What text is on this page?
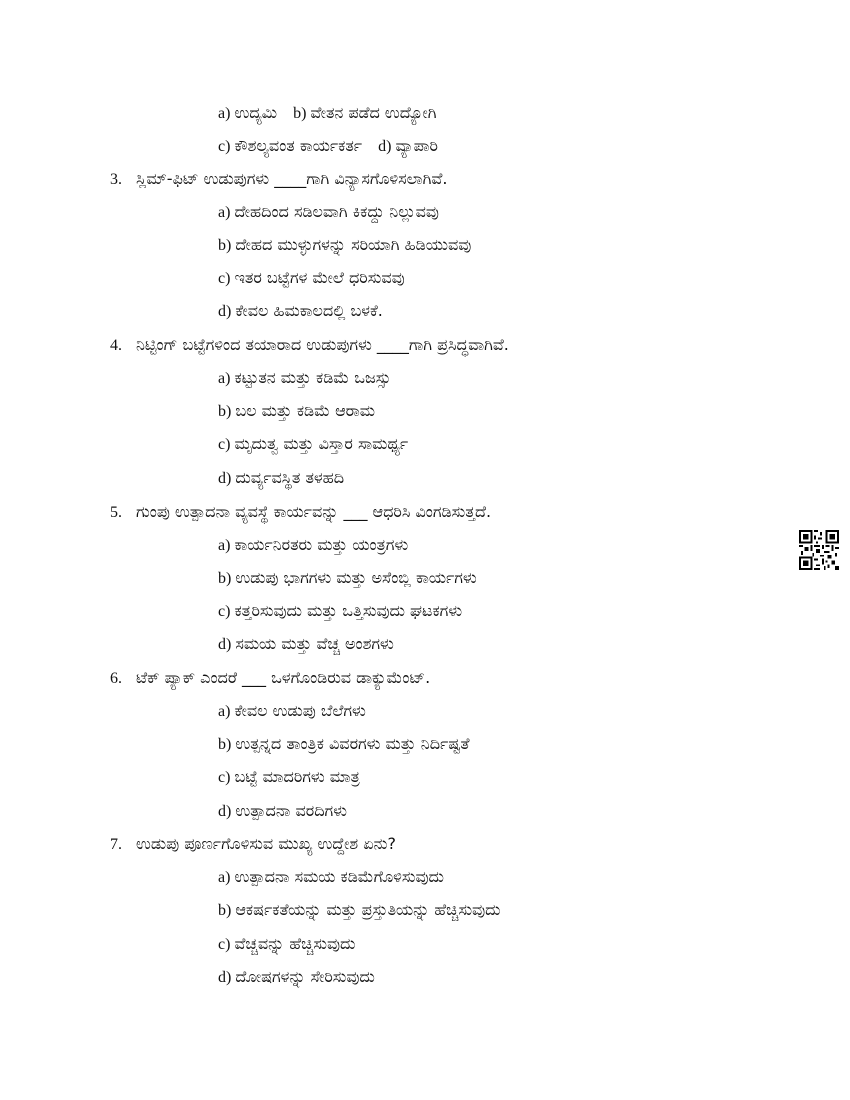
a) ಉದ್ಯಮಿ b) ವೇತನ ಪಡೆದ ಉದ್ಯೋಗಿ
c) ಕೌಶಲ್ಯವಂತ ಕಾರ್ಯಕರ್ತ d) ವ್ಯಾಪಾರಿ
3. ಸ್ಲಿಮ್-ಫಿಟ್ ಉಡುಪುಗಳು ____ಗಾಗಿ ವಿನ್ಯಾಸಗೊಳಿಸಲಾಗಿವೆ.
a) ದೇಹದಿಂದ ಸಡಿಲವಾಗಿ ಕಿಕದ್ದು ನಿಲ್ಲುವವು
b) ದೇಹದ ಮುಳ್ಳುಗಳನ್ನು ಸರಿಯಾಗಿ ಹಿಡಿಯುವವು
c) ಇತರ ಬಟ್ಟೆಗಳ ಮೇಲೆ ಧರಿಸುವವು
d) ಕೇವಲ ಹಿಮಕಾಲದಲ್ಲಿ ಬಳಕೆ.
4. ನಿಟ್ಟಿಂಗ್ ಬಟ್ಟೆಗಳಿಂದ ತಯಾರಾದ ಉಡುಪುಗಳು ____ಗಾಗಿ ಪ್ರಸಿದ್ಧವಾಗಿವೆ.
a) ಕಟ್ಟುತನ ಮತ್ತು ಕಡಿಮೆ ಒಜಸ್ಸು
b) ಬಲ ಮತ್ತು ಕಡಿಮೆ ಆರಾಮ
c) ಮೃದುತ್ವ ಮತ್ತು ವಿಸ್ತಾರ ಸಾಮರ್ಥ್ಯ
d) ದುರ್ವ್ಯವಸ್ಥಿತ ತಳಹದಿ
5. ಗುಂಪು ಉತ್ಪಾದನಾ ವ್ಯವಸ್ಥೆ ಕಾರ್ಯವನ್ನು ___ ಆಧರಿಸಿ ವಿಂಗಡಿಸುತ್ತದೆ.
a) ಕಾರ್ಯನಿರತರು ಮತ್ತು ಯಂತ್ರಗಳು
b) ಉಡುಪು ಭಾಗಗಳು ಮತ್ತು ಅಸೆಂಬ್ಲಿ ಕಾರ್ಯಗಳು
c) ಕತ್ತರಿಸುವುದು ಮತ್ತು ಒತ್ತಿಸುವುದು ಘಟಕಗಳು
d) ಸಮಯ ಮತ್ತು ವೆಚ್ಚ ಅಂಶಗಳು
6. ಟೆಕ್ ಪ್ಯಾಕ್ ಎಂದರೆ ___ ಒಳಗೊಂಡಿರುವ ಡಾಕ್ಯುಮೆಂಟ್.
a) ಕೇವಲ ಉಡುಪು ಬೆಲೆಗಳು
b) ಉತ್ಪನ್ನದ ತಾಂತ್ರಿಕ ವಿವರಗಳು ಮತ್ತು ನಿರ್ದಿಷ್ಟತೆ
c) ಬಟ್ಟೆ ಮಾದರಿಗಳು ಮಾತ್ರ
d) ಉತ್ಪಾದನಾ ವರದಿಗಳು
7. ಉಡುಪು ಪೂರ್ಣಗೊಳಿಸುವ ಮುಖ್ಯ ಉದ್ದೇಶ ಏನು?
a) ಉತ್ಪಾದನಾ ಸಮಯ ಕಡಿಮೆಗೊಳಿಸುವುದು
b) ಆಕರ್ಷಕತೆಯನ್ನು ಮತ್ತು ಪ್ರಸ್ತುತಿಯನ್ನು ಹೆಚ್ಚಿಸುವುದು
c) ವೆಚ್ಚವನ್ನು ಹೆಚ್ಚಿಸುವುದು
d) ದೋಷಗಳನ್ನು ಸೇರಿಸುವುದು
